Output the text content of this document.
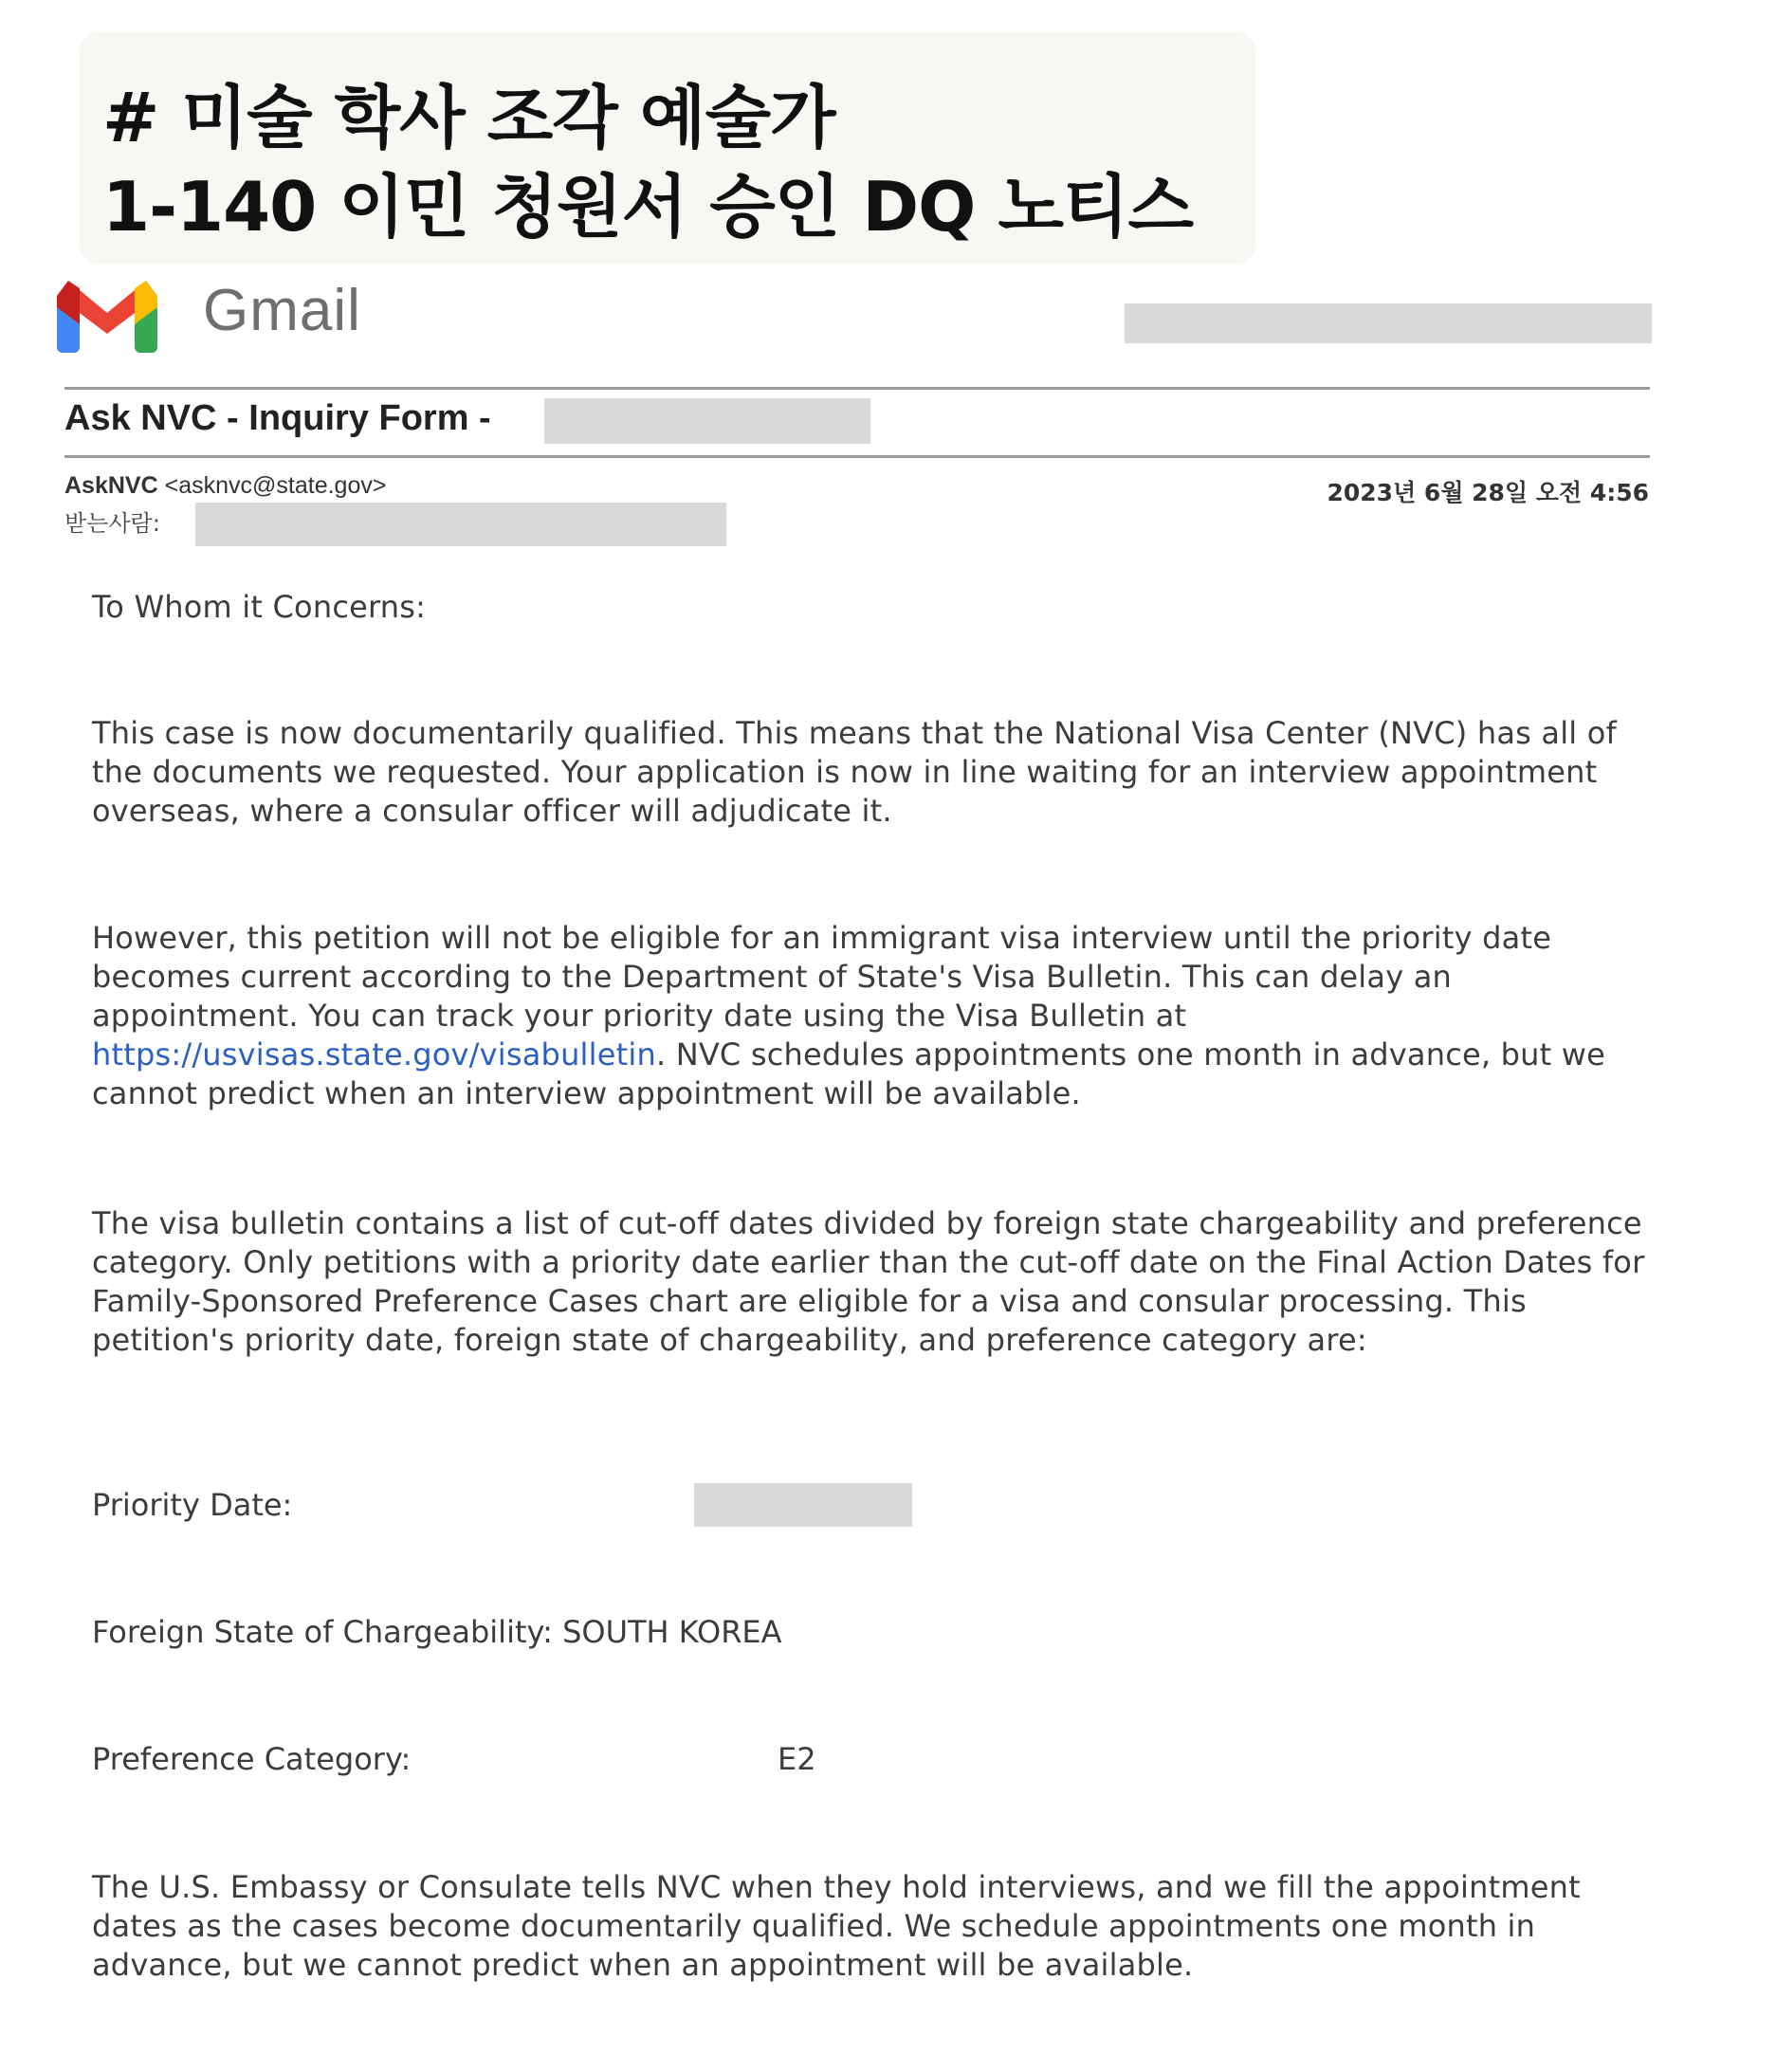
# 미술 학사 조각 예술가
1-140 이민 청원서 승인 DQ 노티스
Gmail
Ask NVC - Inquiry Form -
AskNVC <asknvc@state.gov>
받는사람:
2023년 6월 28일 오전 4:56
To Whom it Concerns:

This case is now documentarily qualified. This means that the National Visa Center (NVC) has all of the documents we requested. Your application is now in line waiting for an interview appointment overseas, where a consular officer will adjudicate it.

However, this petition will not be eligible for an immigrant visa interview until the priority date becomes current according to the Department of State's Visa Bulletin. This can delay an appointment. You can track your priority date using the Visa Bulletin at https://usvisas.state.gov/visabulletin. NVC schedules appointments one month in advance, but we cannot predict when an interview appointment will be available.

The visa bulletin contains a list of cut-off dates divided by foreign state chargeability and preference category. Only petitions with a priority date earlier than the cut-off date on the Final Action Dates for Family-Sponsored Preference Cases chart are eligible for a visa and consular processing. This petition's priority date, foreign state of chargeability, and preference category are:

Priority Date:
Foreign State of Chargeability: SOUTH KOREA
Preference Category:	E2

The U.S. Embassy or Consulate tells NVC when they hold interviews, and we fill the appointment dates as the cases become documentarily qualified. We schedule appointments one month in advance, but we cannot predict when an appointment will be available.
